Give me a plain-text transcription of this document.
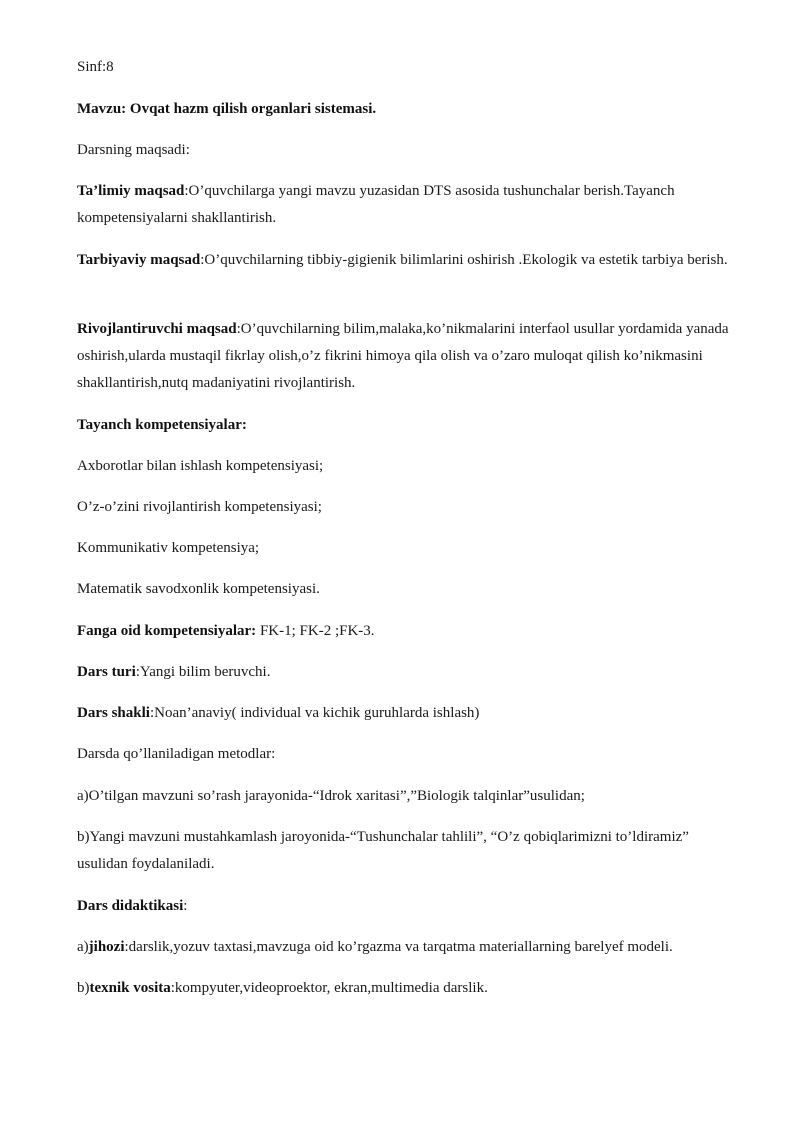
Sinf:8

Mavzu: Ovqat hazm qilish organlari sistemasi.

Darsning maqsadi:

Ta’limiy maqsad:O’quvchilarga yangi mavzu yuzasidan DTS asosida tushunchalar berish.Tayanch kompetensiyalarni shakllantirish.

Tarbiyaviy maqsad:O’quvchilarning tibbiy-gigienik bilimlarini oshirish .Ekologik va estetik tarbiya berish.

Rivojlantiruvchi maqsad:O’quvchilarning bilim,malaka,ko’nikmalarini interfaol usullar yordamida yanada oshirish,ularda mustaqil fikrlay olish,o’z fikrini himoya qila olish va o’zaro muloqat qilish ko’nikmasini shakllantirish,nutq madaniyatini rivojlantirish.

Tayanch kompetensiyalar:

Axborotlar bilan ishlash kompetensiyasi;

O’z-o’zini rivojlantirish kompetensiyasi;

Kommunikativ kompetensiya;

Matematik savodxonlik kompetensiyasi.

Fanga oid kompetensiyalar: FK-1; FK-2 ;FK-3.

Dars turi:Yangi bilim beruvchi.

Dars shakli:Noan’anaviy( individual va kichik guruhlarda ishlash)

Darsda qo’llaniladigan metodlar:

a)O’tilgan mavzuni so’rash jarayonida-“Idrok xaritasi”,”Biologik talqinlar”usulidan;

b)Yangi mavzuni mustahkamlash jaroyonida-“Tushunchalar tahlili”, “O’z qobiqlarimizni to’ldiramiz” usulidan foydalaniladi.

Dars didaktikasi:

a)jihozi:darslik,yozuv taxtasi,mavzuga oid ko’rgazma va tarqatma materiallarning barelyef modeli.

b)texnik vosita:kompyuter,videoproektor, ekran,multimedia darslik.
